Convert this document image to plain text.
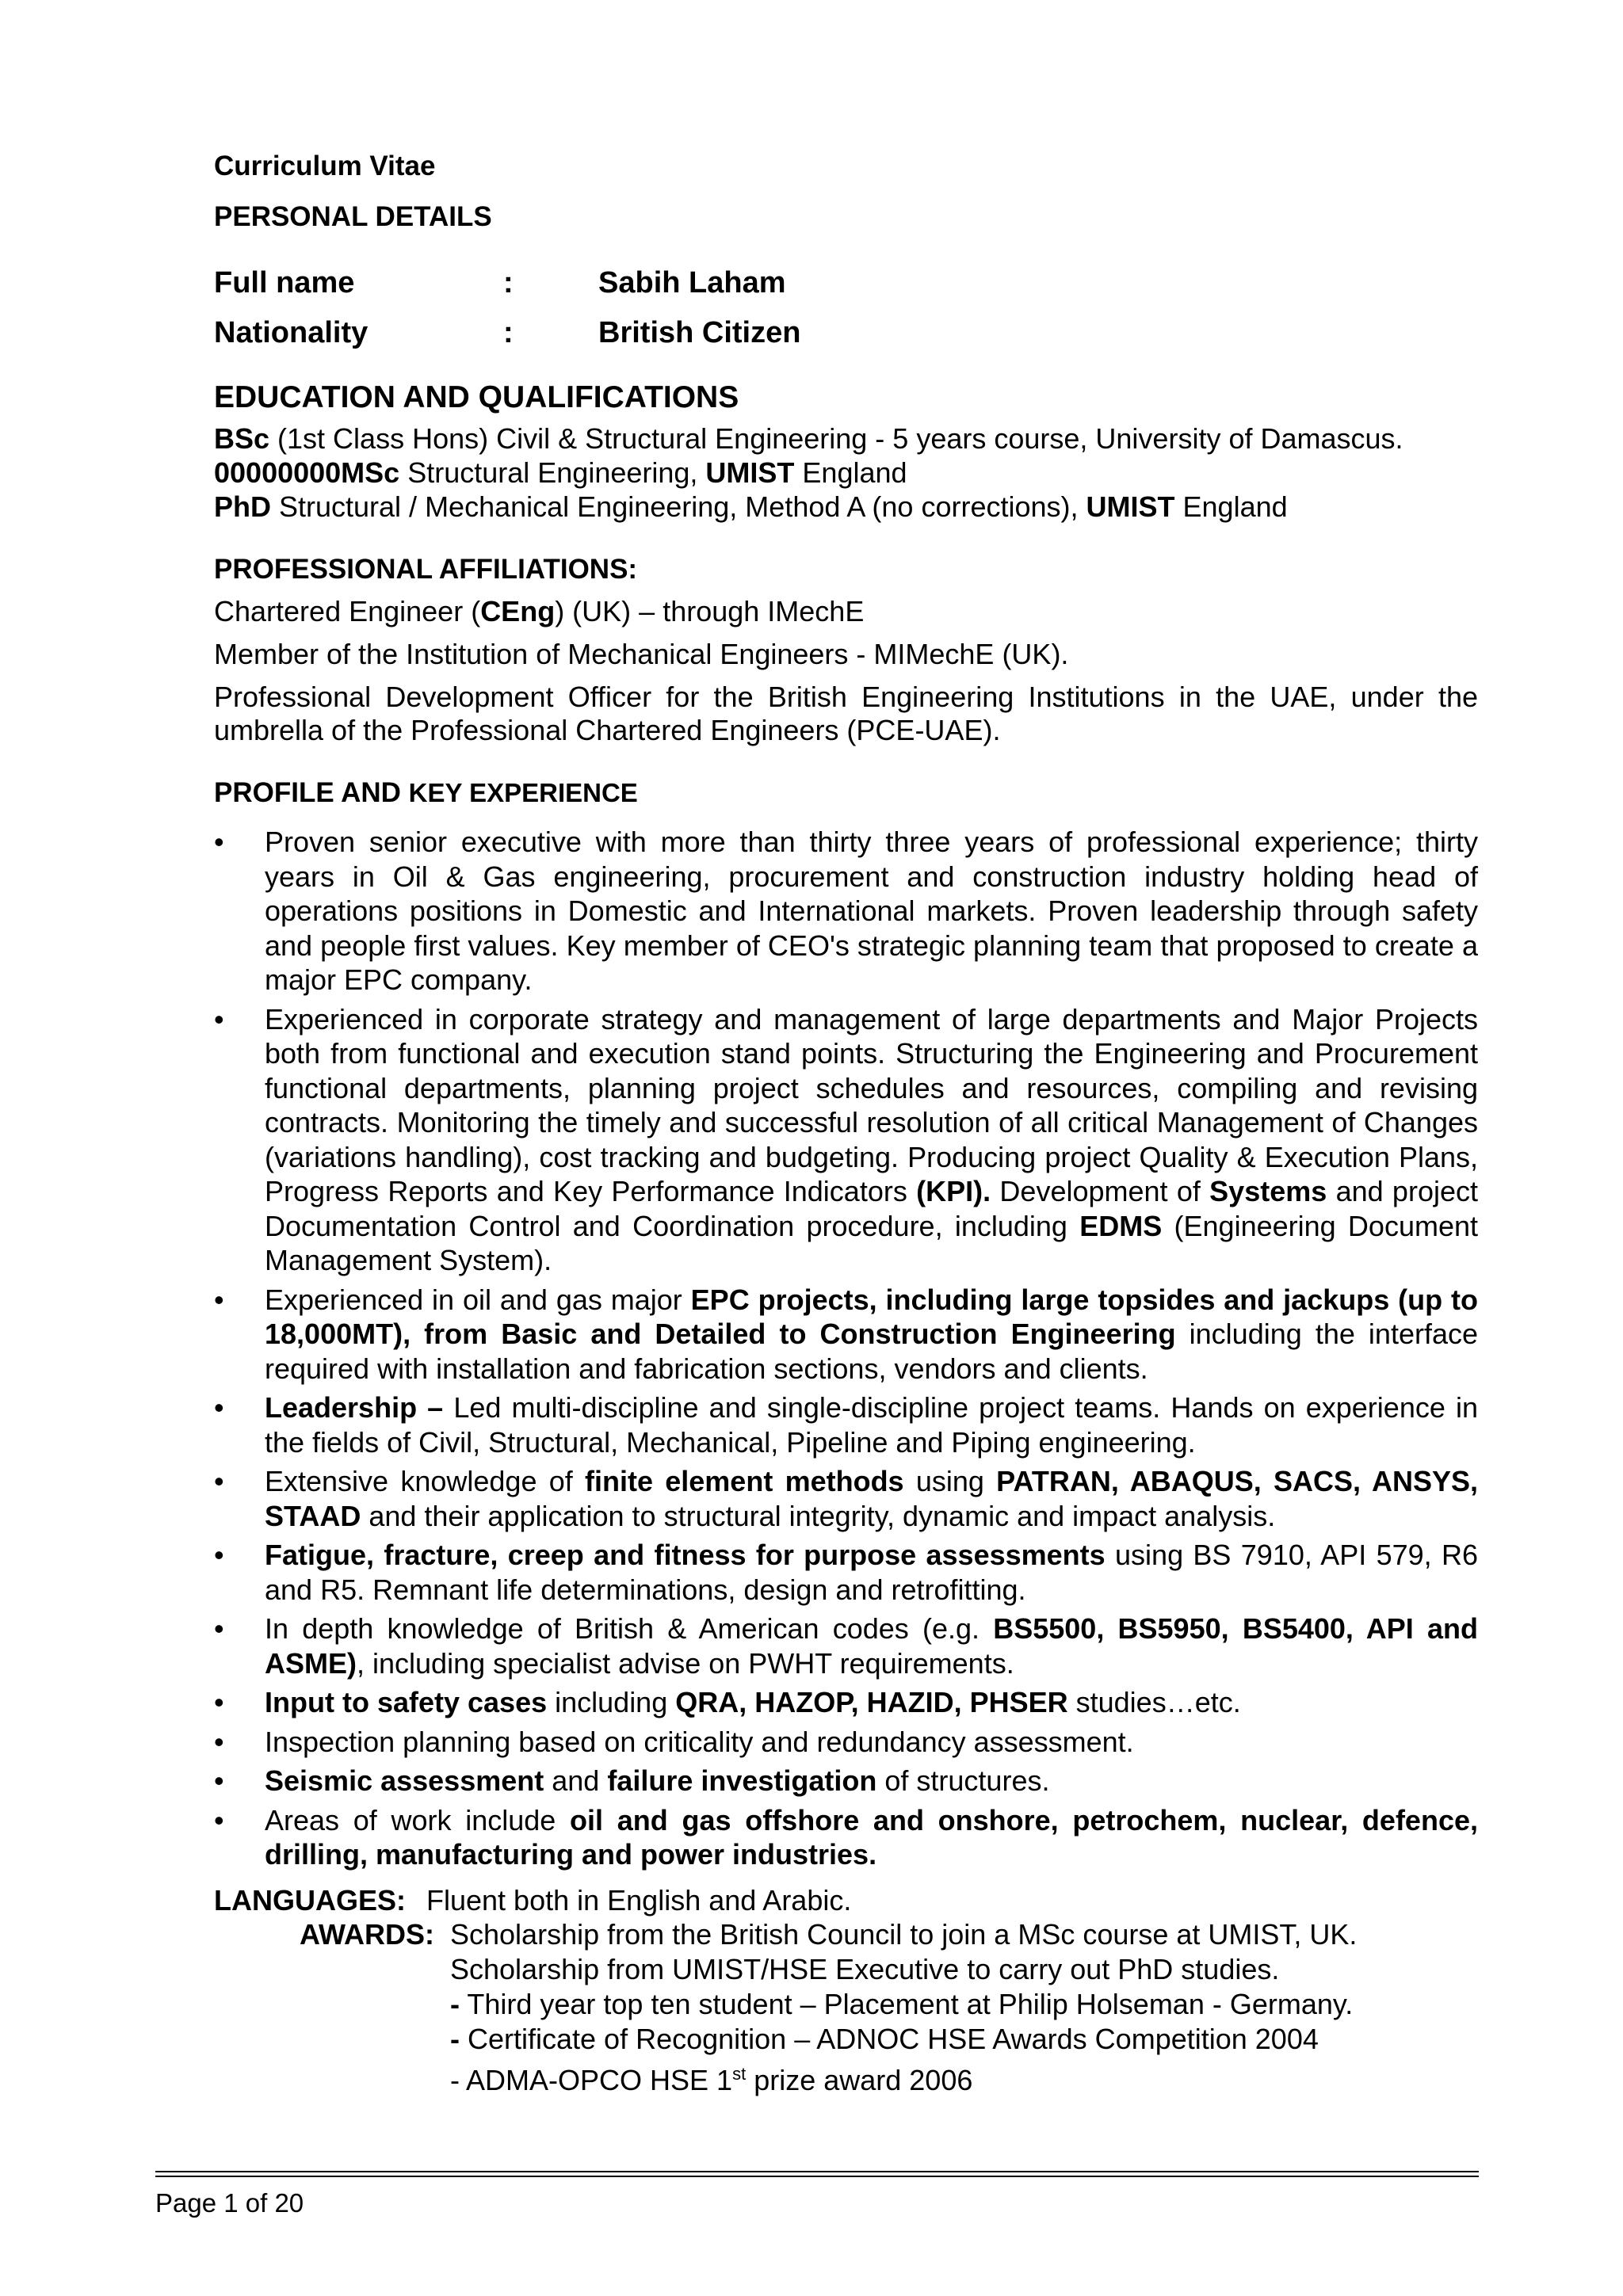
Curriculum Vitae
PERSONAL DETAILS
Full name	:	Sabih Laham
Nationality	:	British Citizen
EDUCATION AND QUALIFICATIONS
BSc (1st Class Hons) Civil & Structural Engineering - 5 years course, University of Damascus.
00000000MSc Structural Engineering, UMIST England
PhD Structural / Mechanical Engineering, Method A (no corrections), UMIST England
PROFESSIONAL AFFILIATIONS:
Chartered Engineer (CEng) (UK) – through IMechE
Member of the Institution of Mechanical Engineers - MIMechE (UK).
Professional Development Officer for the British Engineering Institutions in the UAE, under the umbrella of the Professional Chartered Engineers (PCE-UAE).
PROFILE AND KEY EXPERIENCE
• Proven senior executive with more than thirty three years of professional experience; thirty years in Oil & Gas engineering, procurement and construction industry holding head of operations positions in Domestic and International markets. Proven leadership through safety and people first values. Key member of CEO's strategic planning team that proposed to create a major EPC company.
• Experienced in corporate strategy and management of large departments and Major Projects both from functional and execution stand points. Structuring the Engineering and Procurement functional departments, planning project schedules and resources, compiling and revising contracts. Monitoring the timely and successful resolution of all critical Management of Changes (variations handling), cost tracking and budgeting. Producing project Quality & Execution Plans, Progress Reports and Key Performance Indicators (KPI). Development of Systems and project Documentation Control and Coordination procedure, including EDMS (Engineering Document Management System).
• Experienced in oil and gas major EPC projects, including large topsides and jackups (up to 18,000MT), from Basic and Detailed to Construction Engineering including the interface required with installation and fabrication sections, vendors and clients.
• Leadership – Led multi-discipline and single-discipline project teams. Hands on experience in the fields of Civil, Structural, Mechanical, Pipeline and Piping engineering.
• Extensive knowledge of finite element methods using PATRAN, ABAQUS, SACS, ANSYS, STAAD and their application to structural integrity, dynamic and impact analysis.
• Fatigue, fracture, creep and fitness for purpose assessments using BS 7910, API 579, R6 and R5. Remnant life determinations, design and retrofitting.
• In depth knowledge of British & American codes (e.g. BS5500, BS5950, BS5400, API and ASME), including specialist advise on PWHT requirements.
• Input to safety cases including QRA, HAZOP, HAZID, PHSER studies…etc.
• Inspection planning based on criticality and redundancy assessment.
• Seismic assessment and failure investigation of structures.
• Areas of work include oil and gas offshore and onshore, petrochem, nuclear, defence, drilling, manufacturing and power industries.
LANGUAGES: Fluent both in English and Arabic.
AWARDS: Scholarship from the British Council to join a MSc course at UMIST, UK.
Scholarship from UMIST/HSE Executive to carry out PhD studies.
- Third year top ten student – Placement at Philip Holseman - Germany.
- Certificate of Recognition – ADNOC HSE Awards Competition 2004
- ADMA-OPCO HSE 1st prize award 2006
Page 1 of 20
